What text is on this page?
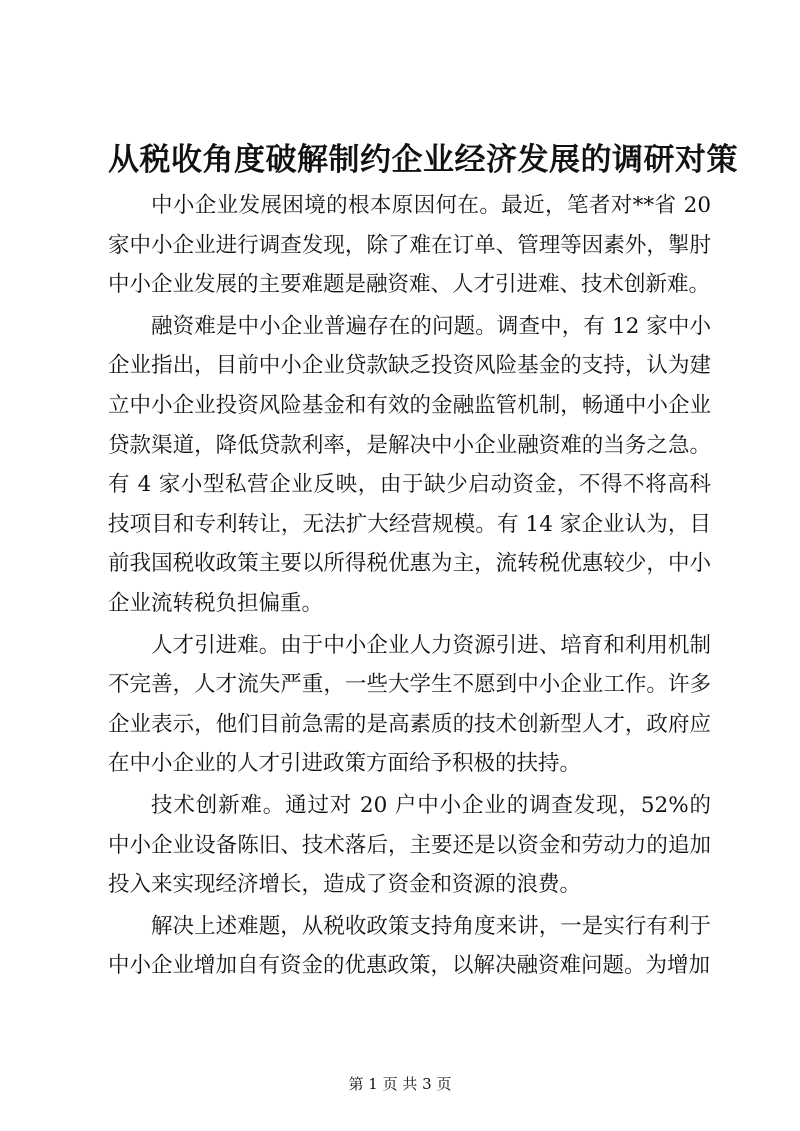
从税收角度破解制约企业经济发展的调研对策

中小企业发展困境的根本原因何在。最近，笔者对**省 20 家中小企业进行调查发现，除了难在订单、管理等因素外，掣肘中小企业发展的主要难题是融资难、人才引进难、技术创新难。

融资难是中小企业普遍存在的问题。调查中，有 12 家中小企业指出，目前中小企业贷款缺乏投资风险基金的支持，认为建立中小企业投资风险基金和有效的金融监管机制，畅通中小企业贷款渠道，降低贷款利率，是解决中小企业融资难的当务之急。有 4 家小型私营企业反映，由于缺少启动资金，不得不将高科技项目和专利转让，无法扩大经营规模。有 14 家企业认为，目前我国税收政策主要以所得税优惠为主，流转税优惠较少，中小企业流转税负担偏重。

人才引进难。由于中小企业人力资源引进、培育和利用机制不完善，人才流失严重，一些大学生不愿到中小企业工作。许多企业表示，他们目前急需的是高素质的技术创新型人才，政府应在中小企业的人才引进政策方面给予积极的扶持。

技术创新难。通过对 20 户中小企业的调查发现，52%的中小企业设备陈旧、技术落后，主要还是以资金和劳动力的追加投入来实现经济增长，造成了资金和资源的浪费。

解决上述难题，从税收政策支持角度来讲，一是实行有利于中小企业增加自有资金的优惠政策，以解决融资难问题。为增加

第 1 页 共 3 页
